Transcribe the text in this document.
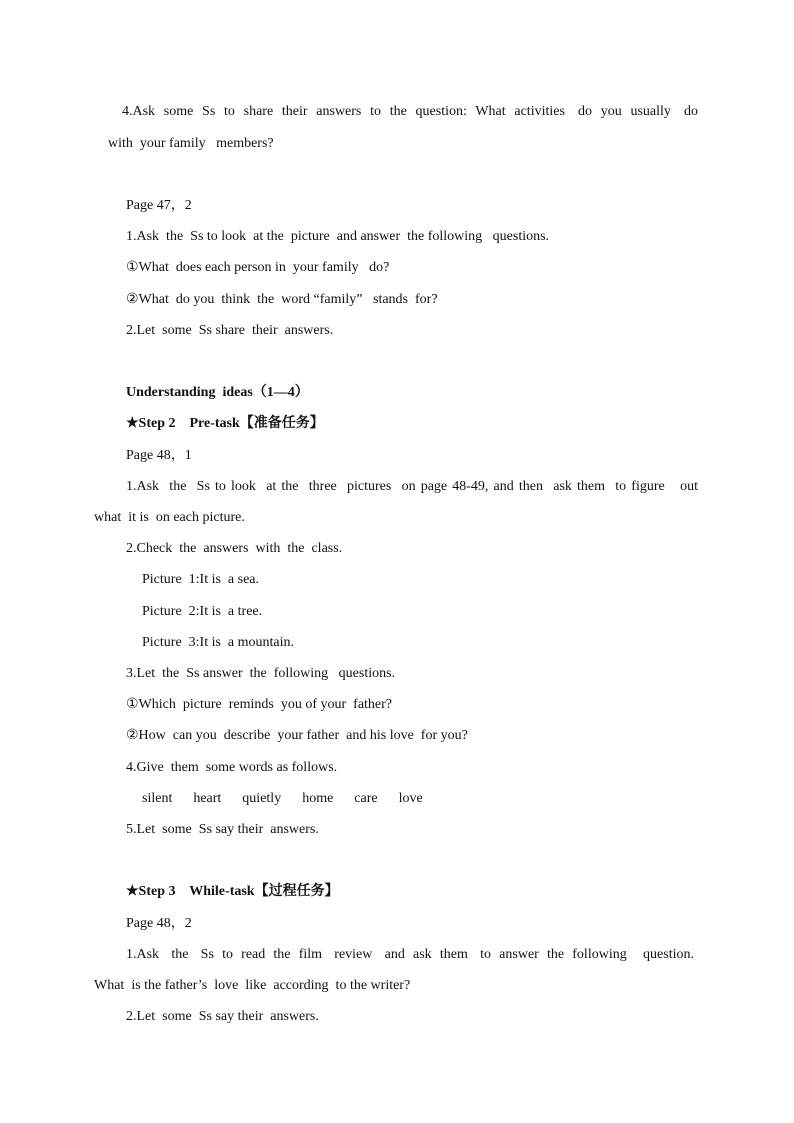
4.Ask  some  Ss  to  share  their  answers  to  the  question:  What  activities   do  you  usually   do
with  your family   members?
Page 47，2
1.Ask  the  Ss to look  at the  picture  and answer  the following   questions.
①What  does each person in  your family   do?
②What  do you  think  the  word “family”   stands  for?
2.Let  some  Ss share  their  answers.
Understanding  ideas（1—4）
★Step 2    Pre-task【准备任务】
Page 48，1
1.Ask  the  Ss to look  at the  three  pictures  on page 48-49, and then  ask them  to figure   out
what  it is  on each picture.
2.Check  the  answers  with  the  class.
Picture  1:It is  a sea.
Picture  2:It is  a tree.
Picture  3:It is  a mountain.
3.Let  the  Ss answer  the  following   questions.
①Which  picture  reminds  you of your  father?
②How  can you  describe  your father  and his love  for you?
4.Give  them  some words as follows.
silent      heart      quietly      home      care      love
5.Let  some  Ss say their  answers.
★Step 3    While-task【过程任务】
Page 48，2
1.Ask   the   Ss  to  read  the  film   review   and  ask  them   to  answer  the  following    question.
What  is the father’s  love  like  according  to the writer?
2.Let  some  Ss say their  answers.
